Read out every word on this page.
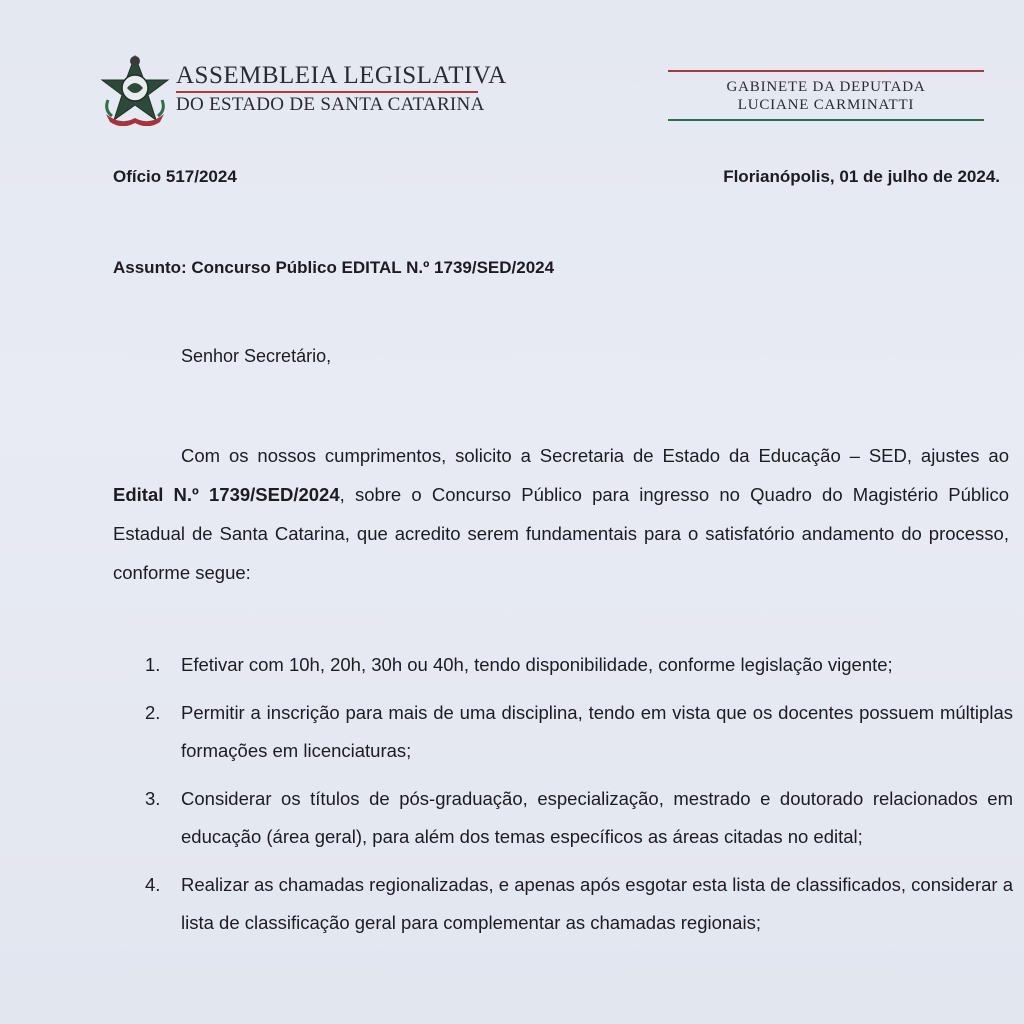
ASSEMBLEIA LEGISLATIVA
DO ESTADO DE SANTA CATARINA
GABINETE DA DEPUTADA
LUCIANE CARMINATTI
Ofício 517/2024	Florianópolis, 01 de julho de 2024.
Assunto: Concurso Público EDITAL N.º 1739/SED/2024
Senhor Secretário,
Com os nossos cumprimentos, solicito a Secretaria de Estado da Educação – SED, ajustes ao Edital N.º 1739/SED/2024, sobre o Concurso Público para ingresso no Quadro do Magistério Público Estadual de Santa Catarina, que acredito serem fundamentais para o satisfatório andamento do processo, conforme segue:
1.	Efetivar com 10h, 20h, 30h ou 40h, tendo disponibilidade, conforme legislação vigente;
2.	Permitir a inscrição para mais de uma disciplina, tendo em vista que os docentes possuem múltiplas formações em licenciaturas;
3.	Considerar os títulos de pós-graduação, especialização, mestrado e doutorado relacionados em educação (área geral), para além dos temas específicos as áreas citadas no edital;
4.	Realizar as chamadas regionalizadas, e apenas após esgotar esta lista de classificados, considerar a lista de classificação geral para complementar as chamadas regionais;
